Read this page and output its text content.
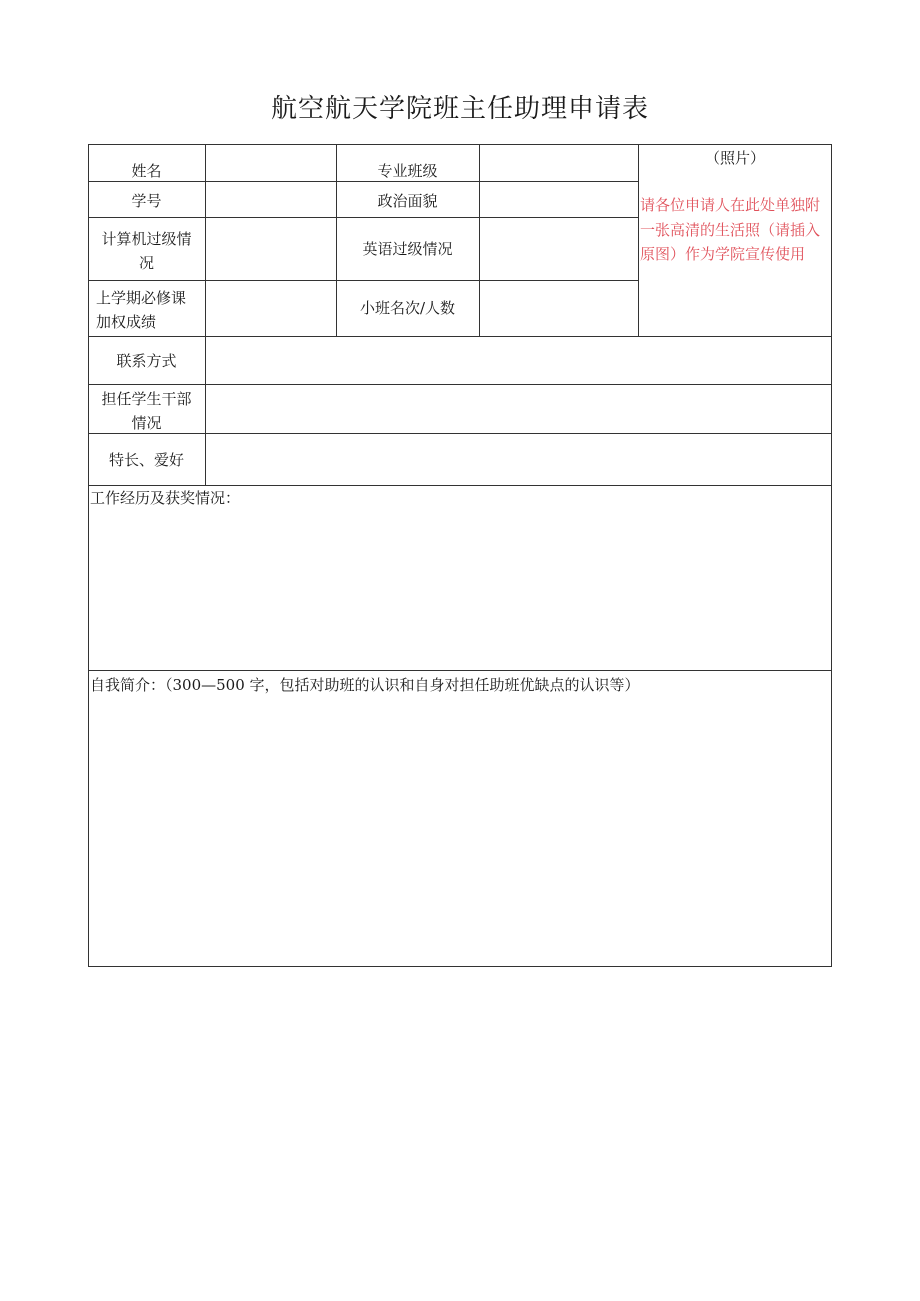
航空航天学院班主任助理申请表
姓名	专业班级
学号	政治面貌
计算机过级情
况
英语过级情况
上学期必修课
加权成绩
小班名次/人数
（照片）
请各位申请人在此处单独附一张高清的生活照（请插入原图）作为学院宣传使用
联系方式
担任学生干部
情况
特长、爱好
工作经历及获奖情况：
自我简介：（300—500 字，包括对助班的认识和自身对担任助班优缺点的认识等）
